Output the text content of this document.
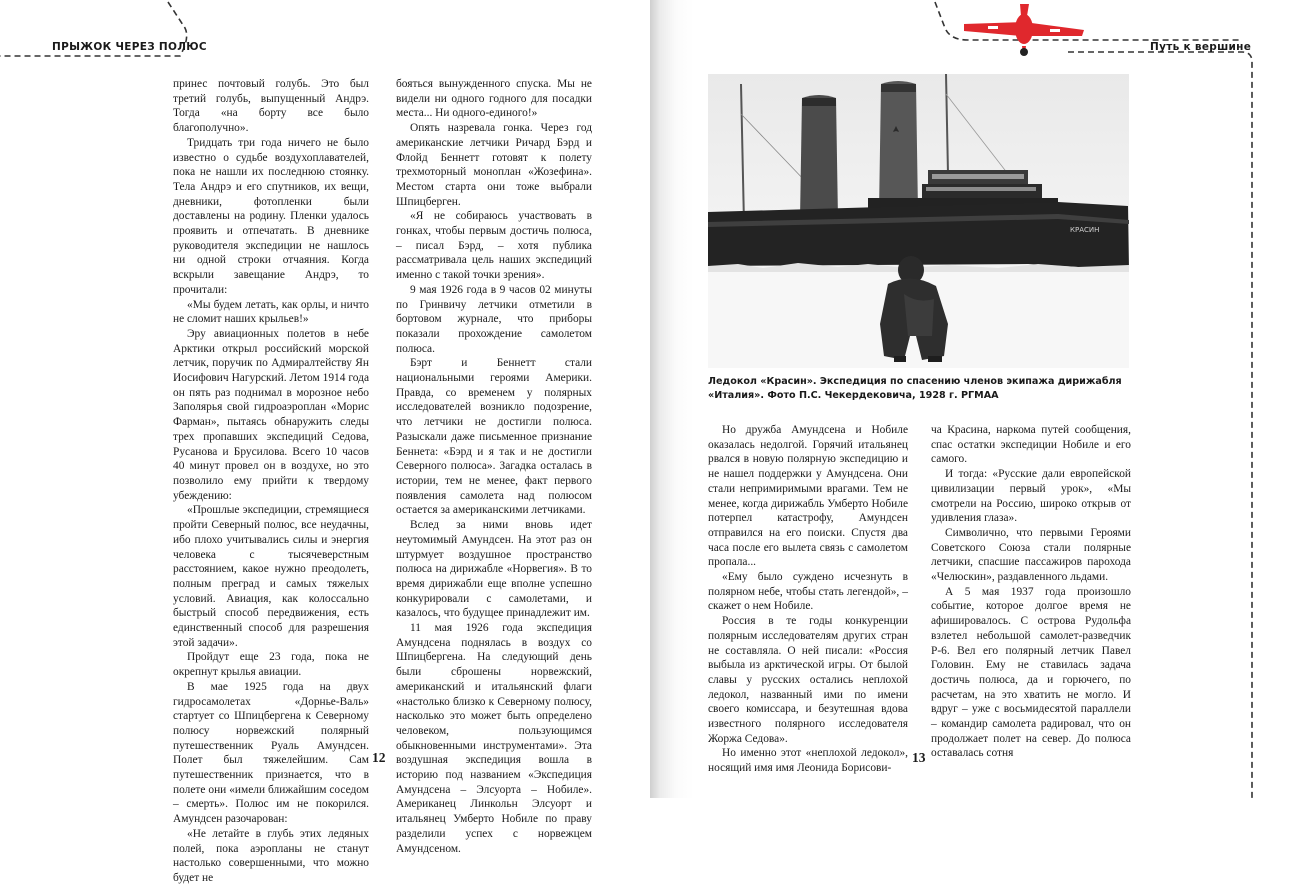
ПРЫЖОК ЧЕРЕЗ ПОЛЮС

принес почтовый голубь. Это был третий голубь, выпущенный Андрэ. Тогда «на борту все было благополучно».

Тридцать три года ничего не было известно о судьбе воздухоплавателей, пока не нашли их последнюю стоянку. Тела Андрэ и его спутников, их вещи, дневники, фотопленки были доставлены на родину. Пленки удалось проявить и отпечатать. В дневнике руководителя экспедиции не нашлось ни одной строки отчаяния. Когда вскрыли завещание Андрэ, то прочитали:

«Мы будем летать, как орлы, и ничто не сломит наших крыльев!»

Эру авиационных полетов в небе Арктики открыл российский морской летчик, поручик по Адмиралтейству Ян Иосифович Нагурский. Летом 1914 года он пять раз поднимал в морозное небо Заполярья свой гидроаэроплан «Морис Фарман», пытаясь обнаружить следы трех пропавших экспедиций Седова, Русанова и Брусилова. Всего 10 часов 40 минут провел он в воздухе, но это позволило ему прийти к твердому убеждению:

«Прошлые экспедиции, стремящиеся пройти Северный полюс, все неудачны, ибо плохо учитывались силы и энергия человека с тысячеверстным расстоянием, какое нужно преодолеть, полным преград и самых тяжелых условий. Авиация, как колоссально быстрый способ передвижения, есть единственный способ для разрешения этой задачи».

Пройдут еще 23 года, пока не окрепнут крылья авиации.

В мае 1925 года на двух гидросамолетах «Дорнье-Валь» стартует со Шпицбергена к Северному полюсу норвежский полярный путешественник Руаль Амундсен. Полет был тяжелейшим. Сам путешественник признается, что в полете они «имели ближайшим соседом – смерть». Полюс им не покорился. Амундсен разочарован:

«Не летайте в глубь этих ледяных полей, пока аэропланы не станут настолько совершенными, что можно будет не

бояться вынужденного спуска. Мы не видели ни одного годного для посадки места... Ни одного-единого!»

Опять назревала гонка. Через год американские летчики Ричард Бэрд и Флойд Беннетт готовят к полету трехмоторный моноплан «Жозефина». Местом старта они тоже выбрали Шпицберген.

«Я не собираюсь участвовать в гонках, чтобы первым достичь полюса, – писал Бэрд, – хотя публика рассматривала цель наших экспедиций именно с такой точки зрения».

9 мая 1926 года в 9 часов 02 минуты по Гринвичу летчики отметили в бортовом журнале, что приборы показали прохождение самолетом полюса.

Бэрт и Беннетт стали национальными героями Америки. Правда, со временем у полярных исследователей возникло подозрение, что летчики не достигли полюса. Разыскали даже письменное признание Беннета: «Бэрд и я так и не достигли Северного полюса». Загадка осталась в истории, тем не менее, факт первого появления самолета над полюсом остается за американскими летчиками.

Вслед за ними вновь идет неутомимый Амундсен. На этот раз он штурмует воздушное пространство полюса на дирижабле «Норвегия». В то время дирижабли еще вполне успешно конкурировали с самолетами, и казалось, что будущее принадлежит им.

11 мая 1926 года экспедиция Амундсена поднялась в воздух со Шпицбергена. На следующий день были сброшены норвежский, американский и итальянский флаги «настолько близко к Северному полюсу, насколько это может быть определено человеком, пользующимся обыкновенными инструментами». Эта воздушная экспедиция вошла в историю под названием «Экспедиция Амундсена – Элсуорта – Нобиле». Американец Линкольн Элсуорт и итальянец Умберто Нобиле по праву разделили успех с норвежцем Амундсеном.

12
Путь к вершине
КРАСИН
Ледокол «Красин». Экспедиция по спасению членов экипажа дирижабля «Италия». Фото П.С. Чекердековича, 1928 г. РГМАА

Но дружба Амундсена и Нобиле оказалась недолгой. Горячий итальянец рвался в новую полярную экспедицию и не нашел поддержки у Амундсена. Они стали непримиримыми врагами. Тем не менее, когда дирижабль Умберто Нобиле потерпел катастрофу, Амундсен отправился на его поиски. Спустя два часа после его вылета связь с самолетом пропала...

«Ему было суждено исчезнуть в полярном небе, чтобы стать легендой», – скажет о нем Нобиле.

Россия в те годы конкуренции полярным исследователям других стран не составляла. О ней писали: «Россия выбыла из арктической игры. От былой славы у русских остались неплохой ледокол, названный ими по имени своего комиссара, и безутешная вдова известного полярного исследователя Жоржа Седова».

Но именно этот «неплохой ледокол», носящий имя имя Леонида Борисови-

ча Красина, наркома путей сообщения, спас остатки экспедиции Нобиле и его самого.

И тогда: «Русские дали европейской цивилизации первый урок», «Мы смотрели на Россию, широко открыв от удивления глаза».

Символично, что первыми Героями Советского Союза стали полярные летчики, спасшие пассажиров парохода «Челюскин», раздавленного льдами.

А 5 мая 1937 года произошло событие, которое долгое время не афишировалось. С острова Рудольфа взлетел небольшой самолет-разведчик Р-6. Вел его полярный летчик Павел Головин. Ему не ставилась задача достичь полюса, да и горючего, по расчетам, на это хватить не могло. И вдруг – уже с восьмидесятой параллели – командир самолета радировал, что он продолжает полет на север. До полюса оставалась сотня

13
